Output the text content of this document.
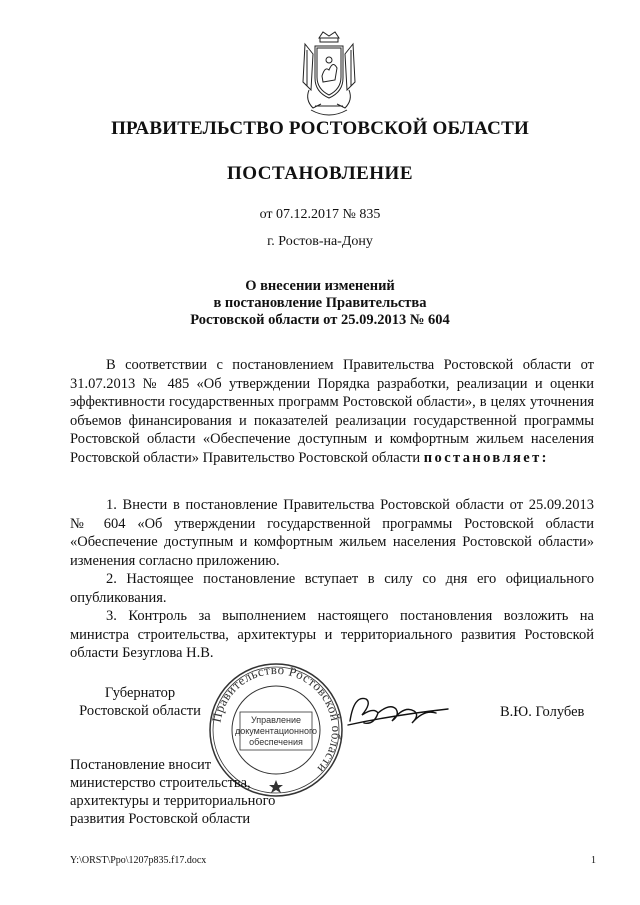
ПРАВИТЕЛЬСТВО РОСТОВСКОЙ ОБЛАСТИ
ПОСТАНОВЛЕНИЕ
от 07.12.2017 № 835
г. Ростов-на-Дону
О внесении изменений
в постановление Правительства
Ростовской области от 25.09.2013 № 604
В соответствии с постановлением Правительства Ростовской области от 31.07.2013 № 485 «Об утверждении Порядка разработки, реализации и оценки эффективности государственных программ Ростовской области», в целях уточнения объемов финансирования и показателей реализации государственной программы Ростовской области «Обеспечение доступным и комфортным жильем населения Ростовской области» Правительство Ростовской области постановляет:

1. Внести в постановление Правительства Ростовской области от 25.09.2013 № 604 «Об утверждении государственной программы Ростовской области «Обеспечение доступным и комфортным жильем населения Ростовской области» изменения согласно приложению.

2. Настоящее постановление вступает в силу со дня его официального опубликования.

3. Контроль за выполнением настоящего постановления возложить на министра строительства, архитектуры и территориального развития Ростовской области Безуглова Н.В.

Губернатор
Ростовской области Правительство Ростовской области
Управление
документационного
обеспечения
В.Ю. Голубев
Постановление вносит
министерство строительства,
архитектуры и территориального
развития Ростовской области
Y:\ORST\Ppo\1207p835.f17.docx	1
